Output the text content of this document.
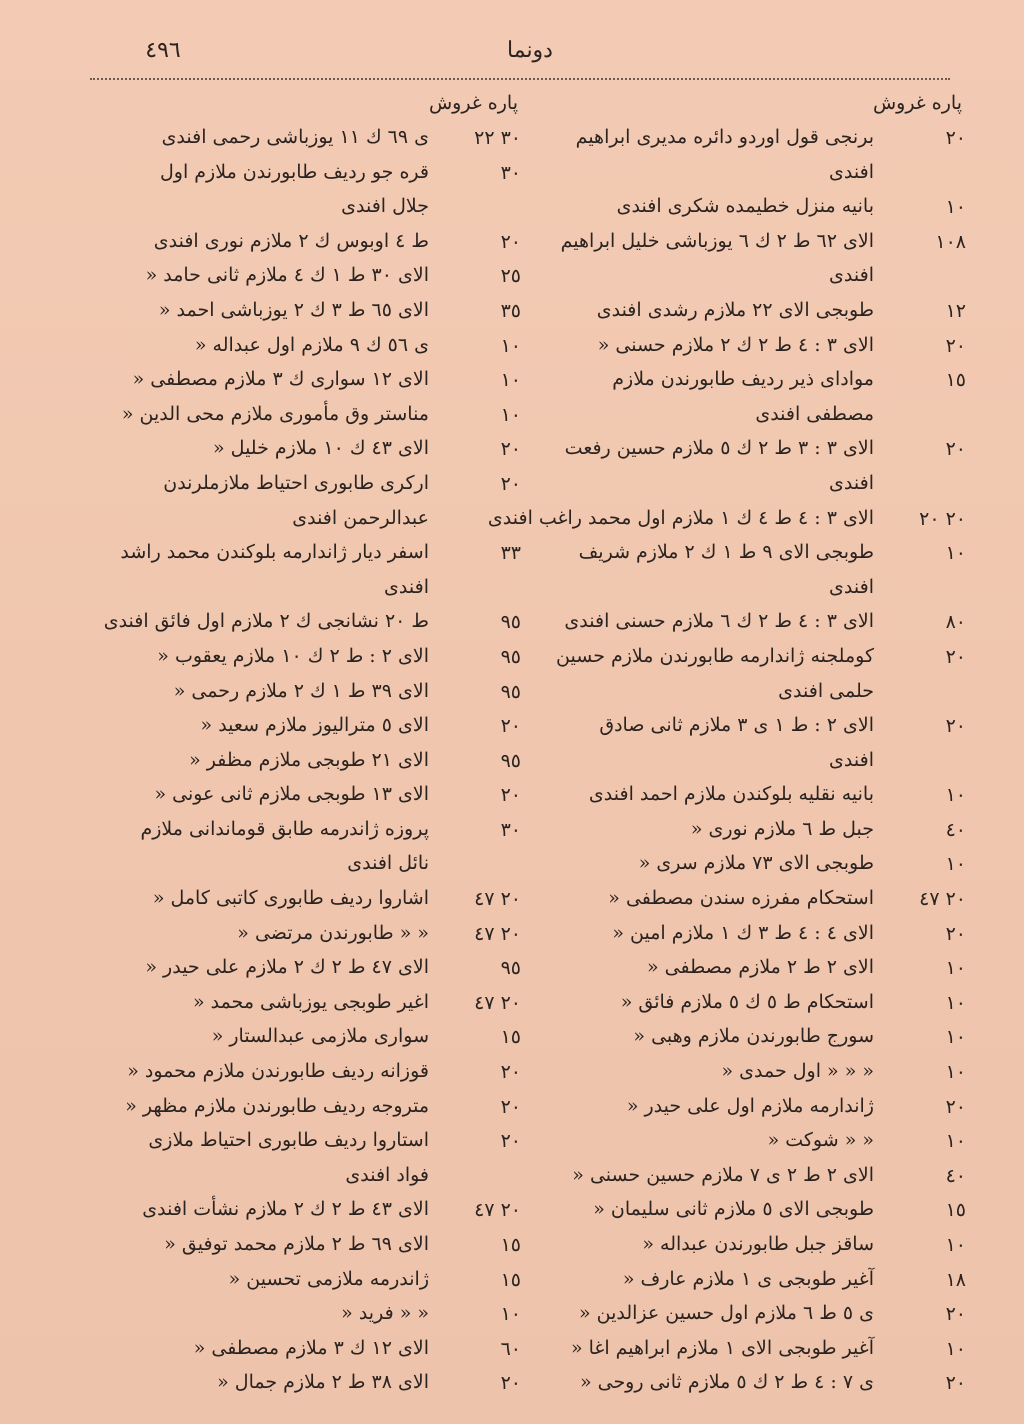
دونما
٤٩٦
پاره غروش
پاره غروش
٢٠
برنجی قول اوردو دائره مدیری ابراهیم
افندی
١٠
بانیه منزل خطیمده شکری افندی
١٠٨
الای ٦٢ ط ٢ ك ٦ یوزباشی خلیل ابراهیم
افندی
١٢
طوبجی الای ٢٢ ملازم رشدی افندی
٢٠
الای ٣ : ٤ ط ٢ ك ٢ ملازم حسنی «
١٥
موادای ذیر ردیف طابورندن ملازم
مصطفی افندی
٢٠
الای ٣ : ٣ ط ٢ ك ٥ ملازم حسین رفعت
افندی
٢٠ ٢٠
الای ٣ : ٤ ط ٤ ك ١ ملازم اول محمد راغب افندی
١٠
طوبجی الای ٩ ط ١ ك ٢ ملازم شریف
افندی
٨٠
الای ٣ : ٤ ط ٢ ك ٦ ملازم حسنی افندی
٢٠
کوملجنه ژاندارمه طابورندن ملازم حسین
حلمی افندی
٢٠
الای ٢ : ط ١ ی ٣ ملازم ثانی صادق
افندی
١٠
بانیه نقلیه بلوکندن ملازم احمد افندی
٤٠
جبل ط ٦ ملازم نوری «
١٠
طوبجی الای ٧٣ ملازم سری «
٢٠ ٤٧
استحکام مفرزه سندن مصطفی «
٢٠
الای ٤ : ٤ ط ٣ ك ١ ملازم امین «
١٠
الای ٢ ط ٢ ملازم مصطفی «
١٠
استحکام ط ٥ ك ٥ ملازم فائق «
١٠
سورج طابورندن ملازم وهبی «
١٠
« « « اول حمدی «
٢٠
ژاندارمه ملازم اول علی حیدر «
١٠
« « شوکت «
٤٠
الای ٢ ط ٢ ی ٧ ملازم حسین حسنی «
١٥
طوبجی الای ٥ ملازم ثانی سلیمان «
١٠
ساقز جبل طابورندن عبداله «
١٨
آغیر طوبجی ی ١ ملازم عارف «
٢٠
ی ٥ ط ٦ ملازم اول حسین عزالدین «
١٠
آغیر طوبجی الای ١ ملازم ابراهیم اغا «
٢٠
ی ٧ : ٤ ط ٢ ك ٥ ملازم ثانی روحی «
٣٠ ٢٢
ی ٦٩ ك ١١ یوزباشی رحمی افندی
٣٠
قره جو ردیف طابورندن ملازم اول
جلال افندی
٢٠
ط ٤ اوبوس ك ٢ ملازم نوری افندی
٢٥
الای ٣٠ ط ١ ك ٤ ملازم ثانی حامد «
٣٥
الای ٦٥ ط ٣ ك ٢ یوزباشی احمد «
١٠
ی ٥٦ ك ٩ ملازم اول عبداله «
١٠
الای ١٢ سواری ك ٣ ملازم مصطفی «
١٠
مناستر وق مأموری ملازم محی الدین «
٢٠
الای ٤٣ ك ١٠ ملازم خلیل «
٢٠
ارکری طابوری احتیاط ملازملرندن
عبدالرحمن افندی
٣٣
اسفر دیار ژاندارمه بلوکندن محمد راشد
افندی
٩٥
ط ٢٠ نشانجی ك ٢ ملازم اول فائق افندی
٩٥
الای ٢ : ط ٢ ك ١٠ ملازم یعقوب «
٩٥
الای ٣٩ ط ١ ك ٢ ملازم رحمی «
٢٠
الای ٥ متراليوز ملازم سعید «
٩٥
الای ٢١ طوبجی ملازم مظفر «
٢٠
الای ١٣ طوبجی ملازم ثانی عونی «
٣٠
پروزه ژاندرمه طابق قوماندانی ملازم
نائل افندی
٢٠ ٤٧
اشاروا ردیف طابوری کاتبی کامل «
٢٠ ٤٧
« « طابورندن مرتضی «
٩٥
الای ٤٧ ط ٢ ك ٢ ملازم علی حیدر «
٢٠ ٤٧
اغیر طوبجی یوزباشی محمد «
١٥
سواری ملازمی عبدالستار «
٢٠
قوزانه ردیف طابورندن ملازم محمود «
٢٠
متروجه ردیف طابورندن ملازم مظهر «
٢٠
استاروا ردیف طابوری احتیاط ملازی
فواد افندی
٢٠ ٤٧
الای ٤٣ ط ٢ ك ٢ ملازم نشأت افندی
١٥
الای ٦٩ ط ٢ ملازم محمد توفیق «
١٥
ژاندرمه ملازمی تحسین «
١٠
« « فرید «
٦٠
الای ١٢ ك ٣ ملازم مصطفی «
٢٠
الای ٣٨ ط ٢ ملازم جمال «
